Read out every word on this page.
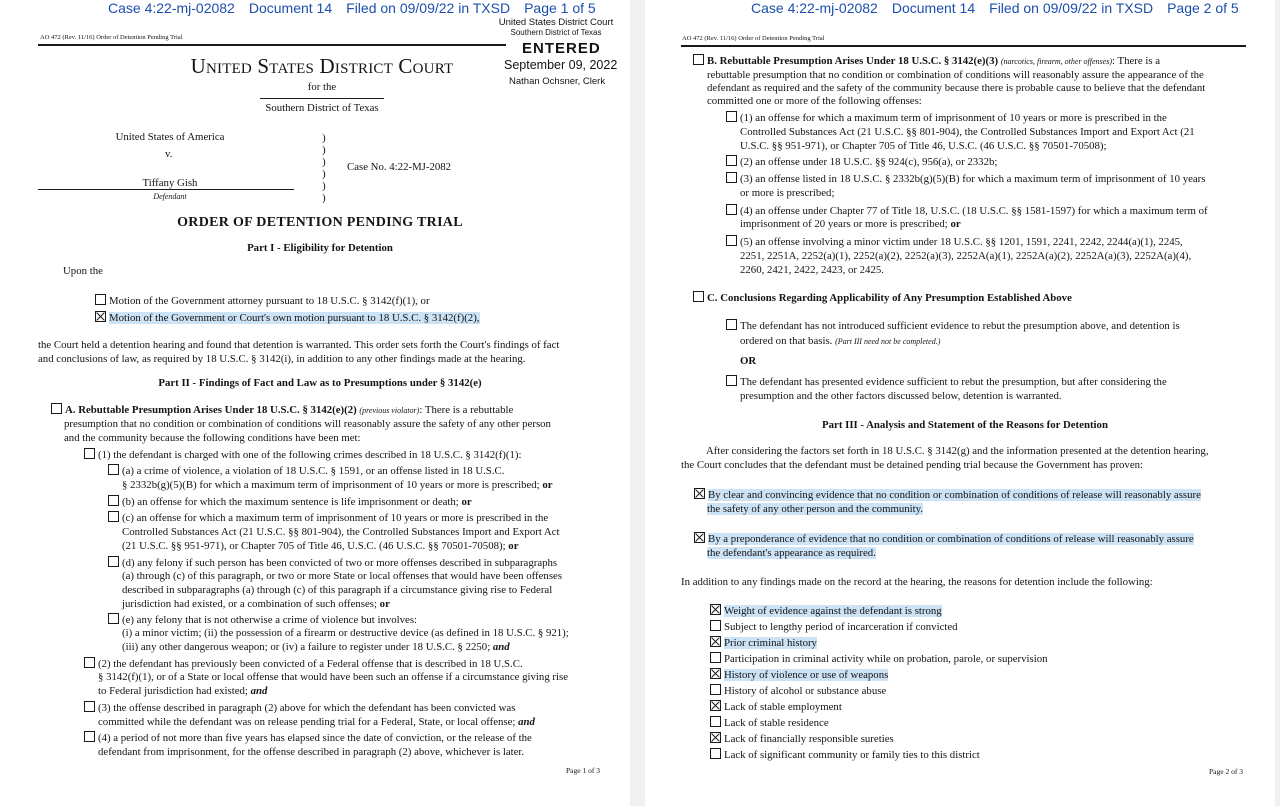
Case 4:22-mj-02082 Document 14 Filed on 09/09/22 in TXSD Page 1 of 5
United States District Court
Southern District of Texas
ENTERED
September 09, 2022
Nathan Ochsner, Clerk
AO 472 (Rev. 11/16) Order of Detention Pending Trial
United States District Court
for the
Southern District of Texas
United States of America
v.
Tiffany Gish
Defendant
)
)
)
)
)
)
Case No. 4:22-MJ-2082
ORDER OF DETENTION PENDING TRIAL
Part I - Eligibility for Detention
Upon the
Motion of the Government attorney pursuant to 18 U.S.C. § 3142(f)(1), or
Motion of the Government or Court's own motion pursuant to 18 U.S.C. § 3142(f)(2),
the Court held a detention hearing and found that detention is warranted. This order sets forth the Court's findings of fact
and conclusions of law, as required by 18 U.S.C. § 3142(i), in addition to any other findings made at the hearing.
Part II - Findings of Fact and Law as to Presumptions under § 3142(e)
A. Rebuttable Presumption Arises Under 18 U.S.C. § 3142(e)(2) (previous violator): There is a rebuttable
presumption that no condition or combination of conditions will reasonably assure the safety of any other person
and the community because the following conditions have been met:
(1) the defendant is charged with one of the following crimes described in 18 U.S.C. § 3142(f)(1):
(a) a crime of violence, a violation of 18 U.S.C. § 1591, or an offense listed in 18 U.S.C.
§ 2332b(g)(5)(B) for which a maximum term of imprisonment of 10 years or more is prescribed; or
(b) an offense for which the maximum sentence is life imprisonment or death; or
(c) an offense for which a maximum term of imprisonment of 10 years or more is prescribed in the
Controlled Substances Act (21 U.S.C. §§ 801-904), the Controlled Substances Import and Export Act
(21 U.S.C. §§ 951-971), or Chapter 705 of Title 46, U.S.C. (46 U.S.C. §§ 70501-70508); or
(d) any felony if such person has been convicted of two or more offenses described in subparagraphs
(a) through (c) of this paragraph, or two or more State or local offenses that would have been offenses
described in subparagraphs (a) through (c) of this paragraph if a circumstance giving rise to Federal
jurisdiction had existed, or a combination of such offenses; or
(e) any felony that is not otherwise a crime of violence but involves:
(i) a minor victim; (ii) the possession of a firearm or destructive device (as defined in 18 U.S.C. § 921);
(iii) any other dangerous weapon; or (iv) a failure to register under 18 U.S.C. § 2250; and
(2) the defendant has previously been convicted of a Federal offense that is described in 18 U.S.C.
§ 3142(f)(1), or of a State or local offense that would have been such an offense if a circumstance giving rise
to Federal jurisdiction had existed; and
(3) the offense described in paragraph (2) above for which the defendant has been convicted was
committed while the defendant was on release pending trial for a Federal, State, or local offense; and
(4) a period of not more than five years has elapsed since the date of conviction, or the release of the
defendant from imprisonment, for the offense described in paragraph (2) above, whichever is later.
Page 1 of 3
Case 4:22-mj-02082 Document 14 Filed on 09/09/22 in TXSD Page 2 of 5
AO 472 (Rev. 11/16) Order of Detention Pending Trial
B. Rebuttable Presumption Arises Under 18 U.S.C. § 3142(e)(3) (narcotics, firearm, other offenses): There is a
rebuttable presumption that no condition or combination of conditions will reasonably assure the appearance of the
defendant as required and the safety of the community because there is probable cause to believe that the defendant
committed one or more of the following offenses:
(1) an offense for which a maximum term of imprisonment of 10 years or more is prescribed in the
Controlled Substances Act (21 U.S.C. §§ 801-904), the Controlled Substances Import and Export Act (21
U.S.C. §§ 951-971), or Chapter 705 of Title 46, U.S.C. (46 U.S.C. §§ 70501-70508);
(2) an offense under 18 U.S.C. §§ 924(c), 956(a), or 2332b;
(3) an offense listed in 18 U.S.C. § 2332b(g)(5)(B) for which a maximum term of imprisonment of 10 years
or more is prescribed;
(4) an offense under Chapter 77 of Title 18, U.S.C. (18 U.S.C. §§ 1581-1597) for which a maximum term of
imprisonment of 20 years or more is prescribed; or
(5) an offense involving a minor victim under 18 U.S.C. §§ 1201, 1591, 2241, 2242, 2244(a)(1), 2245,
2251, 2251A, 2252(a)(1), 2252(a)(2), 2252(a)(3), 2252A(a)(1), 2252A(a)(2), 2252A(a)(3), 2252A(a)(4),
2260, 2421, 2422, 2423, or 2425.
C. Conclusions Regarding Applicability of Any Presumption Established Above
The defendant has not introduced sufficient evidence to rebut the presumption above, and detention is
ordered on that basis. (Part III need not be completed.)
OR
The defendant has presented evidence sufficient to rebut the presumption, but after considering the
presumption and the other factors discussed below, detention is warranted.
Part III - Analysis and Statement of the Reasons for Detention
After considering the factors set forth in 18 U.S.C. § 3142(g) and the information presented at the detention hearing,
the Court concludes that the defendant must be detained pending trial because the Government has proven:
By clear and convincing evidence that no condition or combination of conditions of release will reasonably assure
the safety of any other person and the community.
By a preponderance of evidence that no condition or combination of conditions of release will reasonably assure
the defendant's appearance as required.
In addition to any findings made on the record at the hearing, the reasons for detention include the following:
Weight of evidence against the defendant is strong
Subject to lengthy period of incarceration if convicted
Prior criminal history
Participation in criminal activity while on probation, parole, or supervision
History of violence or use of weapons
History of alcohol or substance abuse
Lack of stable employment
Lack of stable residence
Lack of financially responsible sureties
Lack of significant community or family ties to this district
Page 2 of 3
